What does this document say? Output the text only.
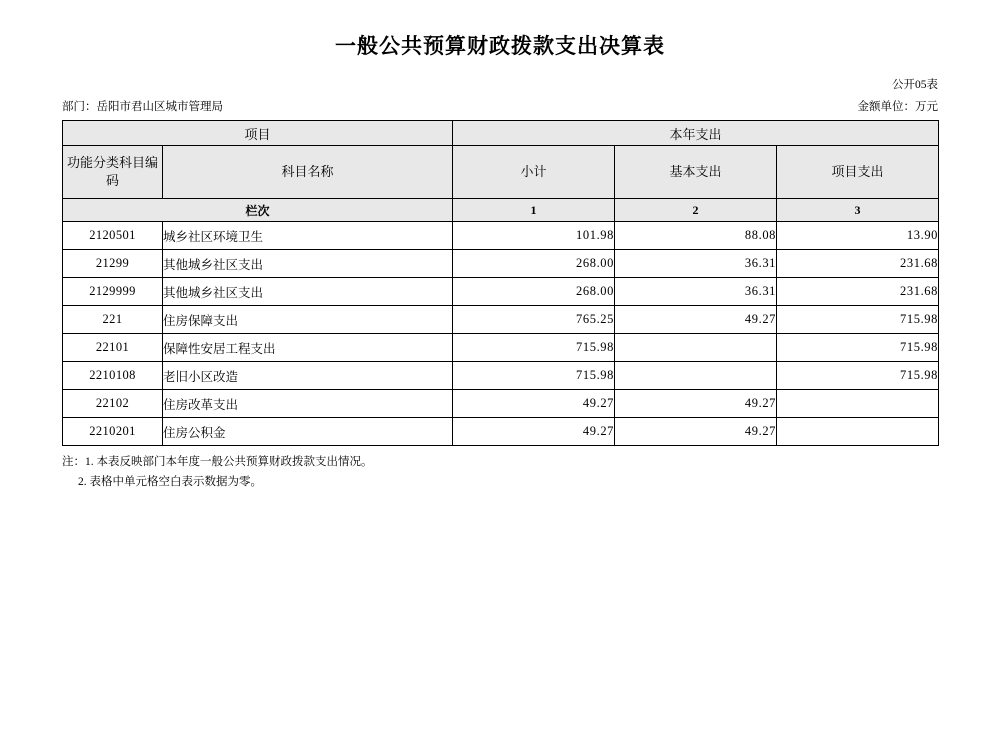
一般公共预算财政拨款支出决算表
公开05表
部门：岳阳市君山区城市管理局	金额单位：万元
项目		本年支出		
功能分类科目编码	科目名称	小计	基本支出	项目支出
栏次		1	2	3
2120501	城乡社区环境卫生	101.98	88.08	13.90
21299	其他城乡社区支出	268.00	36.31	231.68
2129999	其他城乡社区支出	268.00	36.31	231.68
221	住房保障支出	765.25	49.27	715.98
22101	保障性安居工程支出	715.98		715.98
2210108	老旧小区改造	715.98		715.98
22102	住房改革支出	49.27	49.27	
2210201	住房公积金	49.27	49.27	
注：1. 本表反映部门本年度一般公共预算财政拨款支出情况。
2. 表格中单元格空白表示数据为零。
